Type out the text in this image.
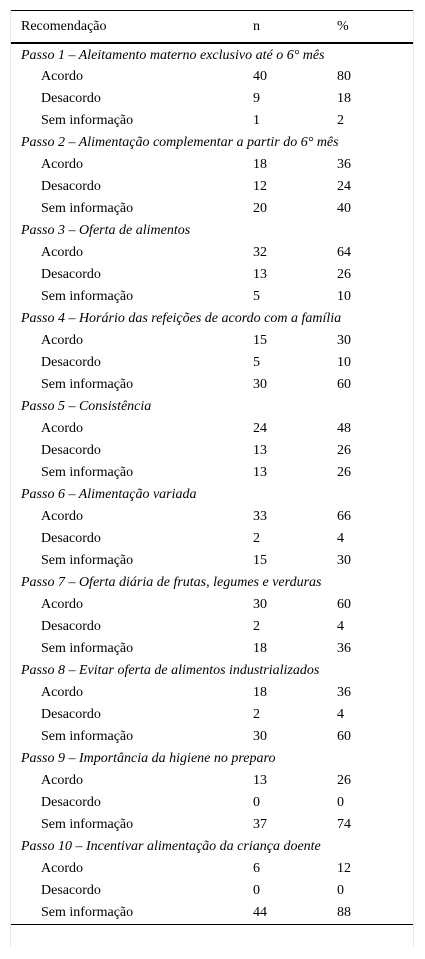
Recomendação	n	%
Passo 1 – Aleitamento materno exclusivo até o 6° mês		
Acordo	40	80
Desacordo	9	18
Sem informação	1	2
Passo 2 – Alimentação complementar a partir do 6° mês		
Acordo	18	36
Desacordo	12	24
Sem informação	20	40
Passo 3 – Oferta de alimentos		
Acordo	32	64
Desacordo	13	26
Sem informação	5	10
Passo 4 – Horário das refeições de acordo com a família		
Acordo	15	30
Desacordo	5	10
Sem informação	30	60
Passo 5 – Consistência		
Acordo	24	48
Desacordo	13	26
Sem informação	13	26
Passo 6 – Alimentação variada		
Acordo	33	66
Desacordo	2	4
Sem informação	15	30
Passo 7 – Oferta diária de frutas, legumes e verduras		
Acordo	30	60
Desacordo	2	4
Sem informação	18	36
Passo 8 – Evitar oferta de alimentos industrializados		
Acordo	18	36
Desacordo	2	4
Sem informação	30	60
Passo 9 – Importância da higiene no preparo		
Acordo	13	26
Desacordo	0	0
Sem informação	37	74
Passo 10 – Incentivar alimentação da criança doente		
Acordo	6	12
Desacordo	0	0
Sem informação	44	88
